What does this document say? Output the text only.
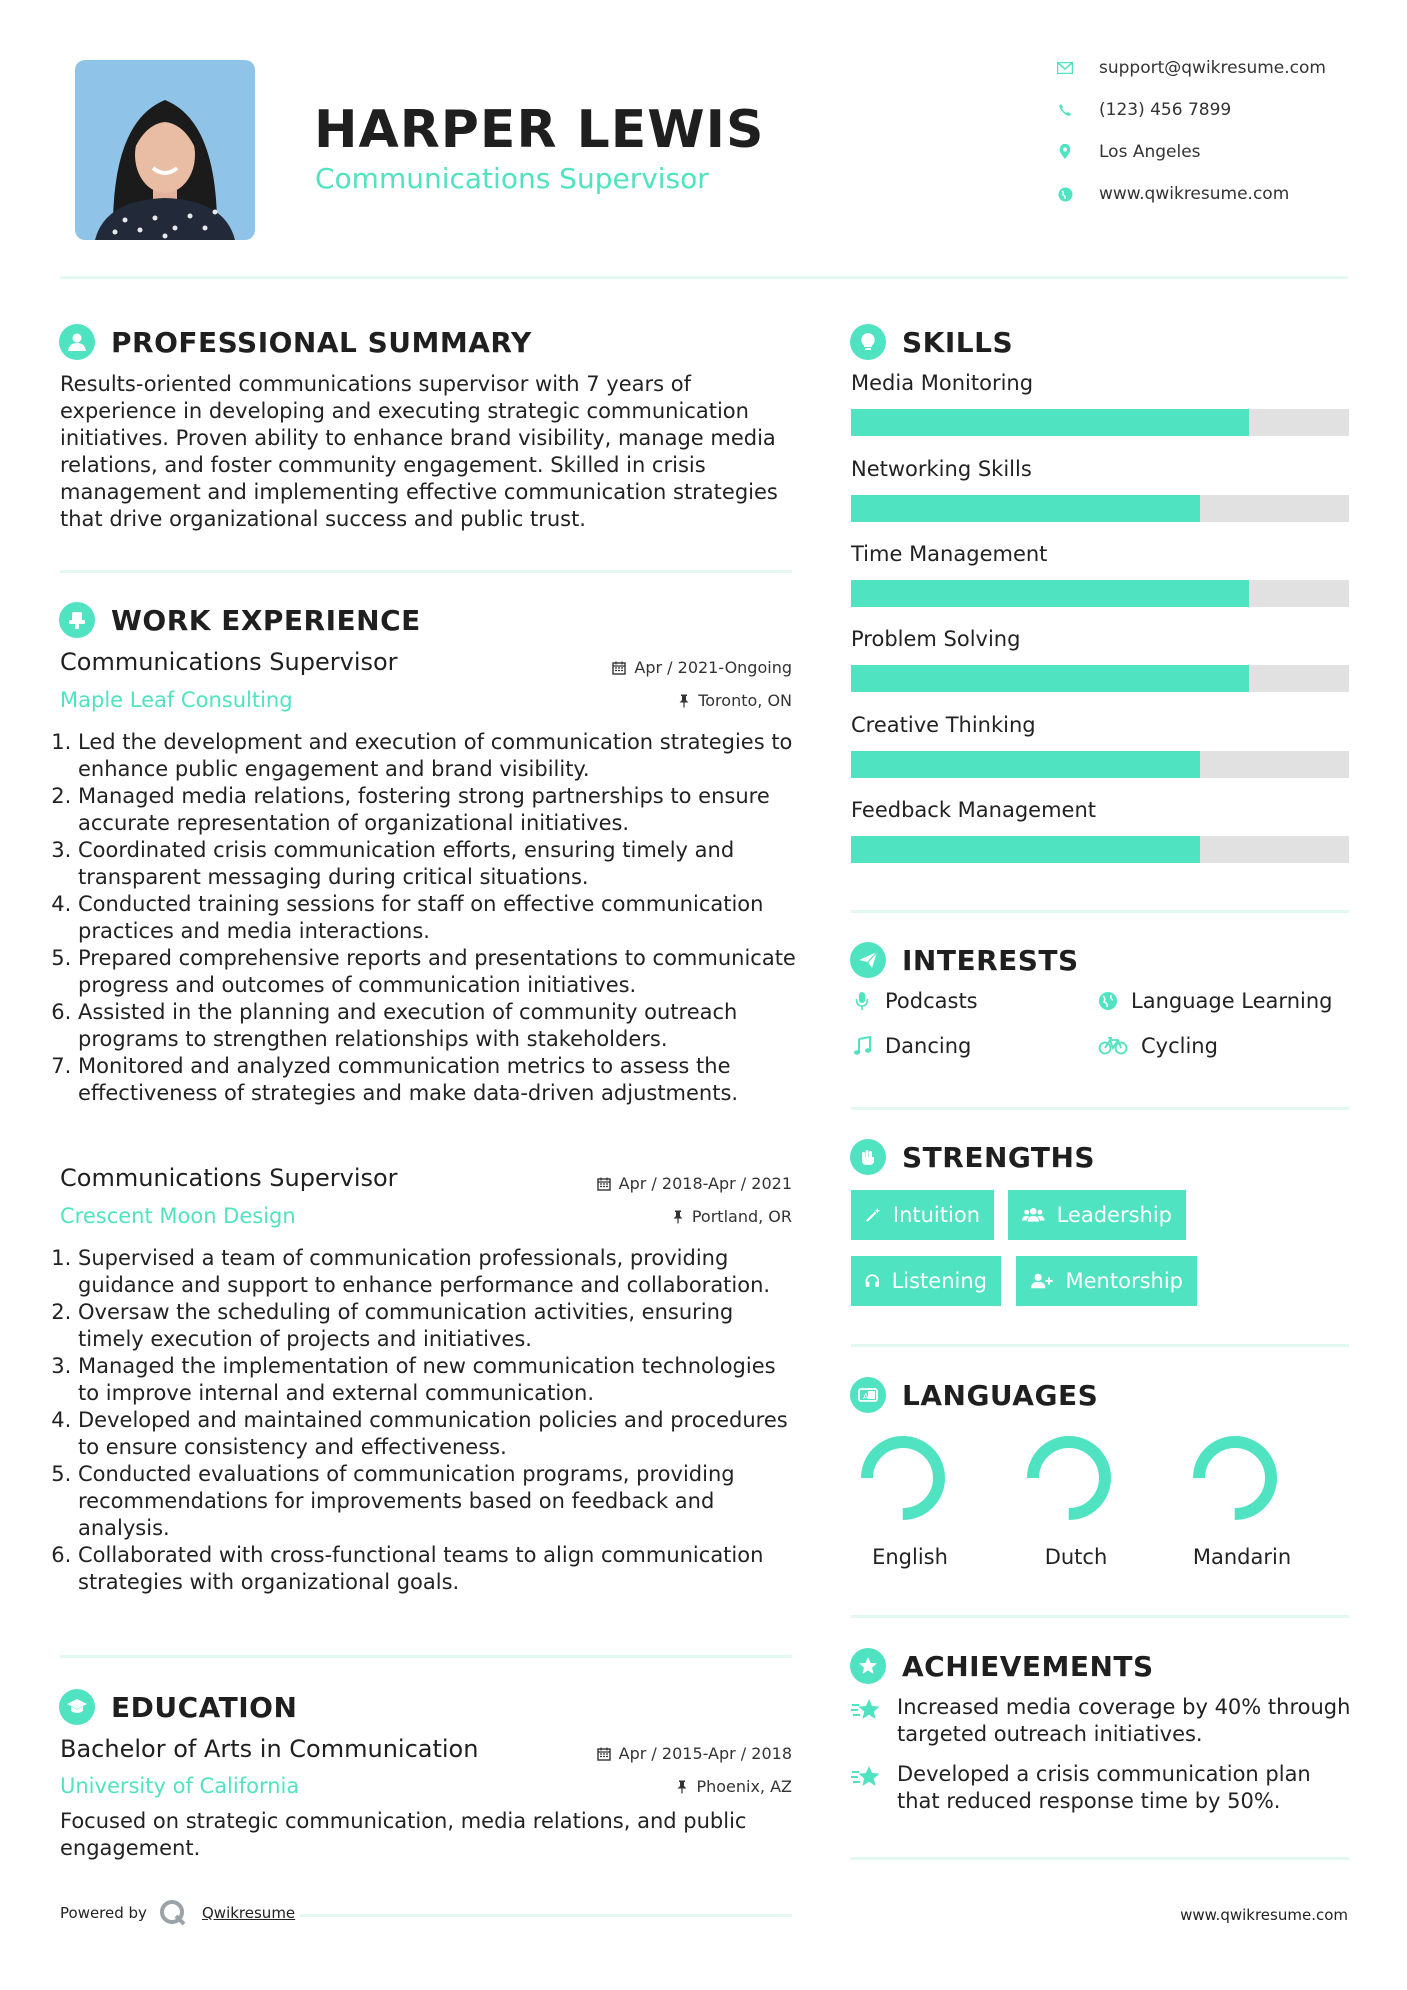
HARPER LEWIS
Communications Supervisor
support@qwikresume.com
(123) 456 7899
Los Angeles
www.qwikresume.com
PROFESSIONAL SUMMARY
Results-oriented communications supervisor with 7 years of experience in developing and executing strategic communication initiatives. Proven ability to enhance brand visibility, manage media relations, and foster community engagement. Skilled in crisis management and implementing effective communication strategies that drive organizational success and public trust.
WORK EXPERIENCE
Communications Supervisor	Apr / 2021-Ongoing
Maple Leaf Consulting	Toronto, ON
1. Led the development and execution of communication strategies to enhance public engagement and brand visibility.
2. Managed media relations, fostering strong partnerships to ensure accurate representation of organizational initiatives.
3. Coordinated crisis communication efforts, ensuring timely and transparent messaging during critical situations.
4. Conducted training sessions for staff on effective communication practices and media interactions.
5. Prepared comprehensive reports and presentations to communicate progress and outcomes of communication initiatives.
6. Assisted in the planning and execution of community outreach programs to strengthen relationships with stakeholders.
7. Monitored and analyzed communication metrics to assess the effectiveness of strategies and make data-driven adjustments.
Communications Supervisor	Apr / 2018-Apr / 2021
Crescent Moon Design	Portland, OR
1. Supervised a team of communication professionals, providing guidance and support to enhance performance and collaboration.
2. Oversaw the scheduling of communication activities, ensuring timely execution of projects and initiatives.
3. Managed the implementation of new communication technologies to improve internal and external communication.
4. Developed and maintained communication policies and procedures to ensure consistency and effectiveness.
5. Conducted evaluations of communication programs, providing recommendations for improvements based on feedback and analysis.
6. Collaborated with cross-functional teams to align communication strategies with organizational goals.
EDUCATION
Bachelor of Arts in Communication	Apr / 2015-Apr / 2018
University of California	Phoenix, AZ
Focused on strategic communication, media relations, and public engagement.
Powered by	Qwikresume
SKILLS
Media Monitoring
Networking Skills
Time Management
Problem Solving
Creative Thinking
Feedback Management
INTERESTS
Podcasts	Language Learning
Dancing	Cycling
STRENGTHS
Intuition	Leadership
Listening	Mentorship
A LANGUAGES
English	Dutch	Mandarin
ACHIEVEMENTS
Increased media coverage by 40% through targeted outreach initiatives.
Developed a crisis communication plan that reduced response time by 50%.
www.qwikresume.com
